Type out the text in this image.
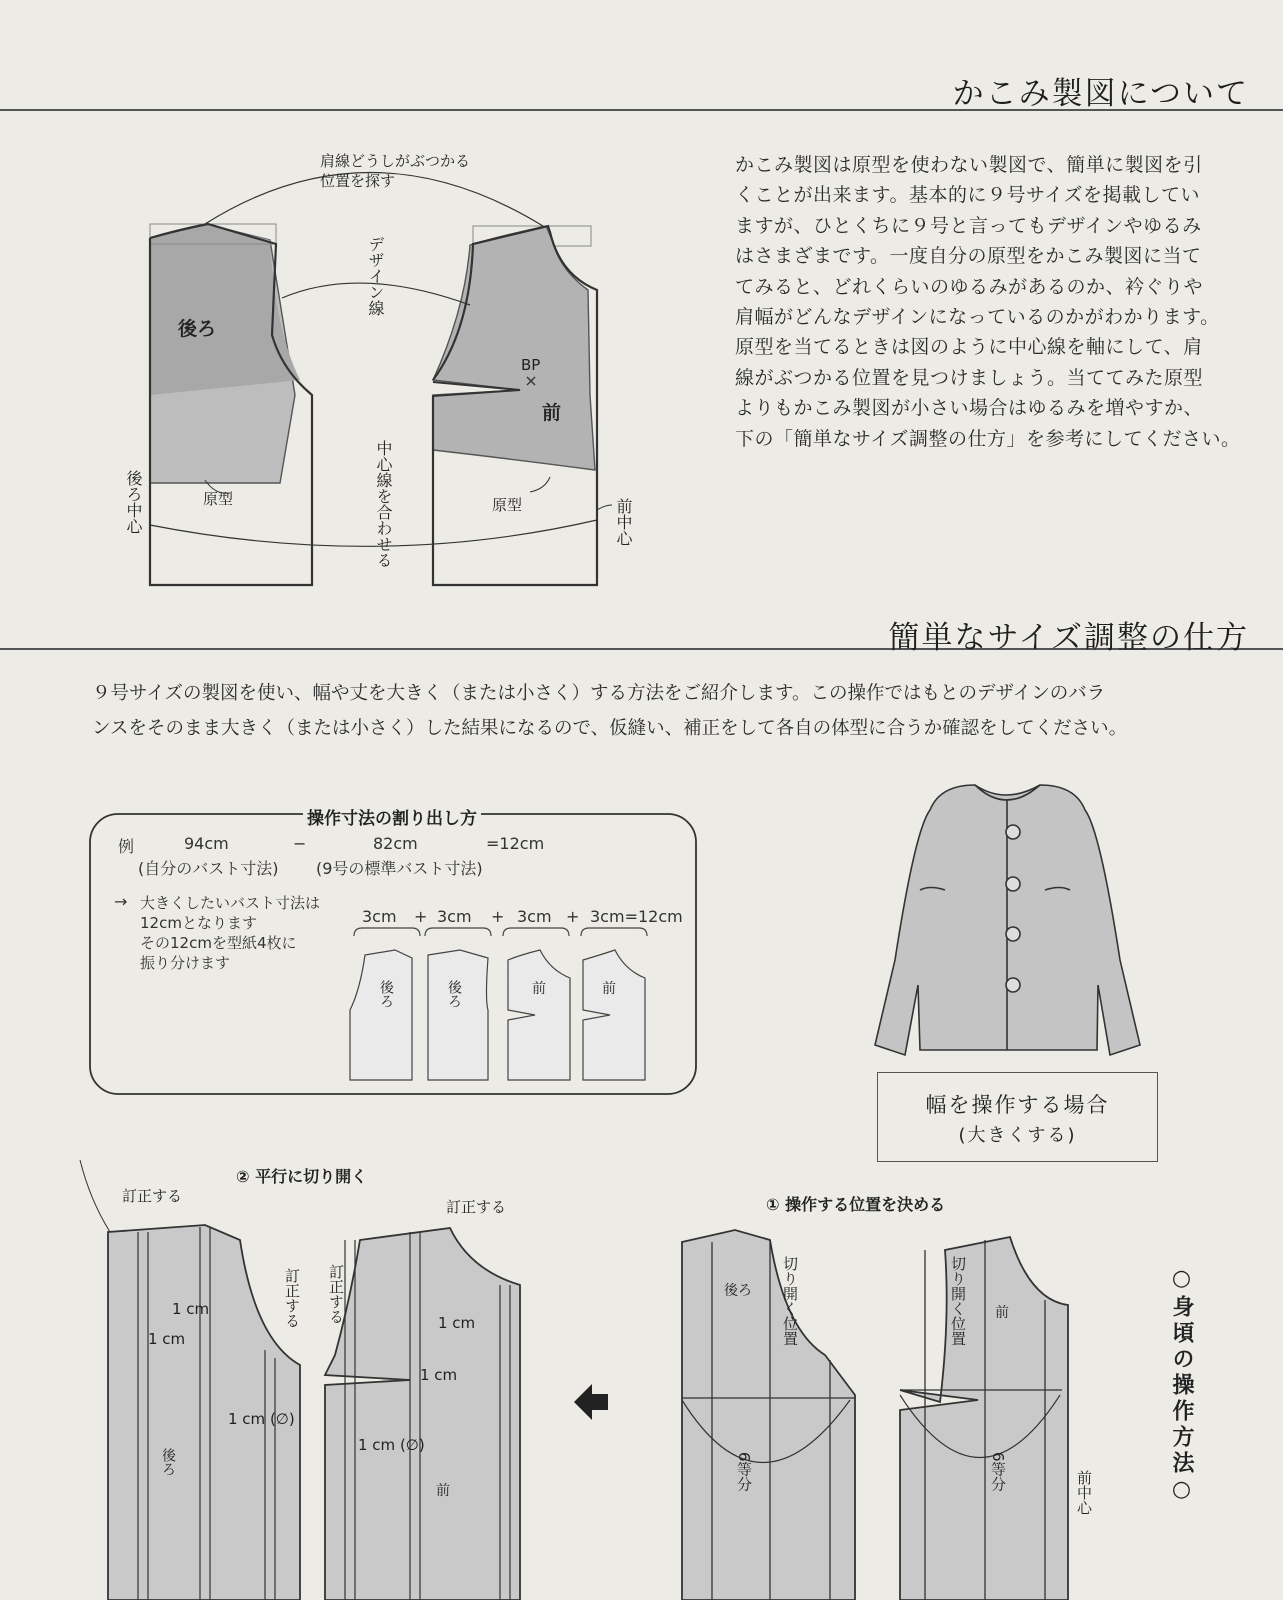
かこみ製図について
簡単なサイズ調整の仕方
かこみ製図は原型を使わない製図で、簡単に製図を引
くことが出来ます。基本的に９号サイズを掲載してい
ますが、ひとくちに９号と言ってもデザインやゆるみ
はさまざまです。一度自分の原型をかこみ製図に当て
てみると、どれくらいのゆるみがあるのか、衿ぐりや
肩幅がどんなデザインになっているのかがわかります。
原型を当てるときは図のように中心線を軸にして、肩
線がぶつかる位置を見つけましょう。当ててみた原型
よりもかこみ製図が小さい場合はゆるみを増やすか、
下の「簡単なサイズ調整の仕方」を参考にしてください。
９号サイズの製図を使い、幅や丈を大きく（または小さく）する方法をご紹介します。この操作ではもとのデザインのバラ
ンスをそのまま大きく（または小さく）した結果になるので、仮縫い、補正をして各自の体型に合うか確認をしてください。
肩線どうしがぶつかる
位置を探す
デザイン線
後ろ
前
BP
原型	原型
中心線を合わせる
後ろ中心	前中心
操作寸法の割り出し方
例	94cm
(自分のバスト寸法)
−	82cm
(9号の標準バスト寸法)
=12cm
→ 大きくしたいバスト寸法は
12cmとなります
その12cmを型紙4枚に
振り分けます
3cm + 3cm + 3cm + 3cm=12cm
後ろ	後ろ	前	前
幅を操作する場合
(大きくする)
○身頃の操作方法○
① 操作する位置を決める
後ろ
前
切り開く位置	切り開く位置
6等分	6等分	前中心
② 平行に切り開く
訂正する
訂正する
訂正する 訂正する
1 cm
1 cm
1 cm (∅)
1 cm
1 cm
1 cm (∅)
後ろ
前
